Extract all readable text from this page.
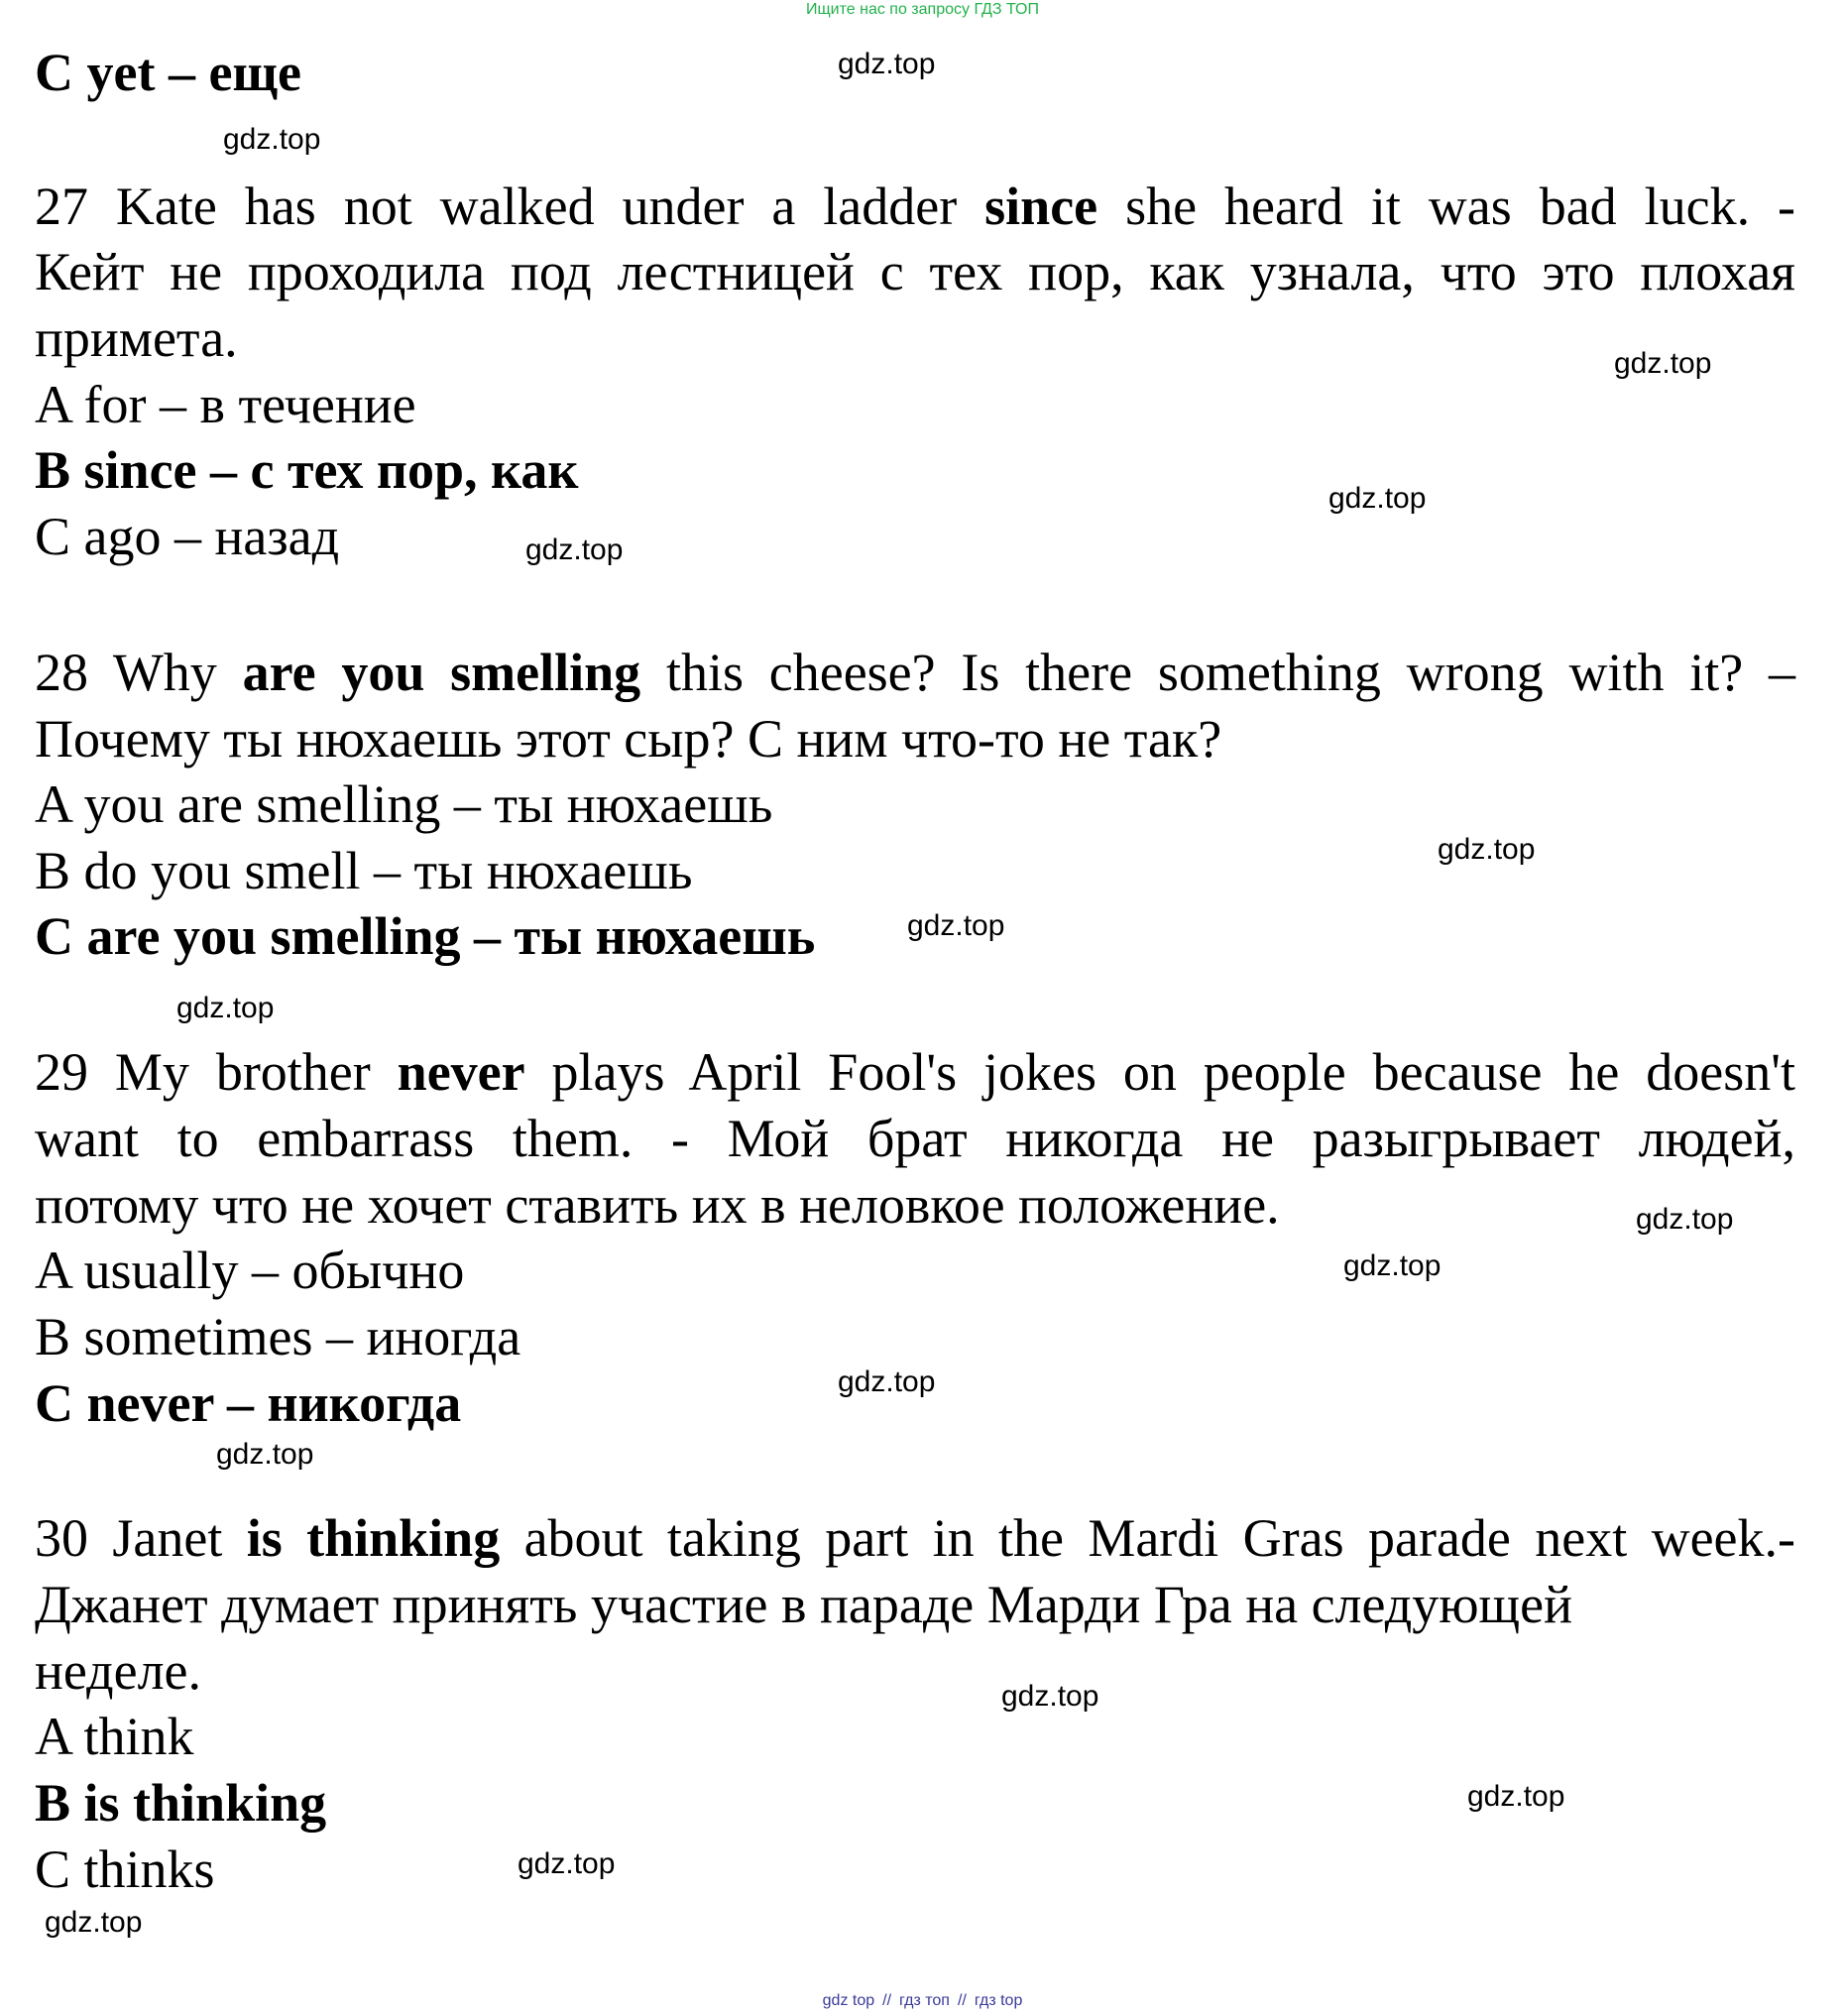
Ищите нас по запросу ГДЗ ТОП
C yet – еще
27 Kate has not walked under a ladder since she heard it was bad luck. -
Кейт не проходила под лестницей с тех пор, как узнала, что это плохая
примета.
A for – в течение
B since – с тех пор, как
C ago – назад
28 Why are you smelling this cheese? Is there something wrong with it? –
Почему ты нюхаешь этот сыр? С ним что-то не так?
A you are smelling – ты нюхаешь
B do you smell – ты нюхаешь
C are you smelling – ты нюхаешь
29 My brother never plays April Fool's jokes on people because he doesn't
want to embarrass them. - Мой брат никогда не разыгрывает людей,
потому что не хочет ставить их в неловкое положение.
A usually – обычно
B sometimes – иногда
C never – никогда
30 Janet is thinking about taking part in the Mardi Gras parade next week.-
Джанет думает принять участие в параде Марди Гра на следующей
неделе.
A think
B is thinking
C thinks
gdz.top
gdz.top
gdz.top
gdz.top
gdz.top
gdz.top
gdz.top
gdz.top
gdz.top
gdz.top
gdz.top
gdz.top
gdz.top
gdz.top
gdz.top
gdz.top
gdz top // гдз топ // гдз top
